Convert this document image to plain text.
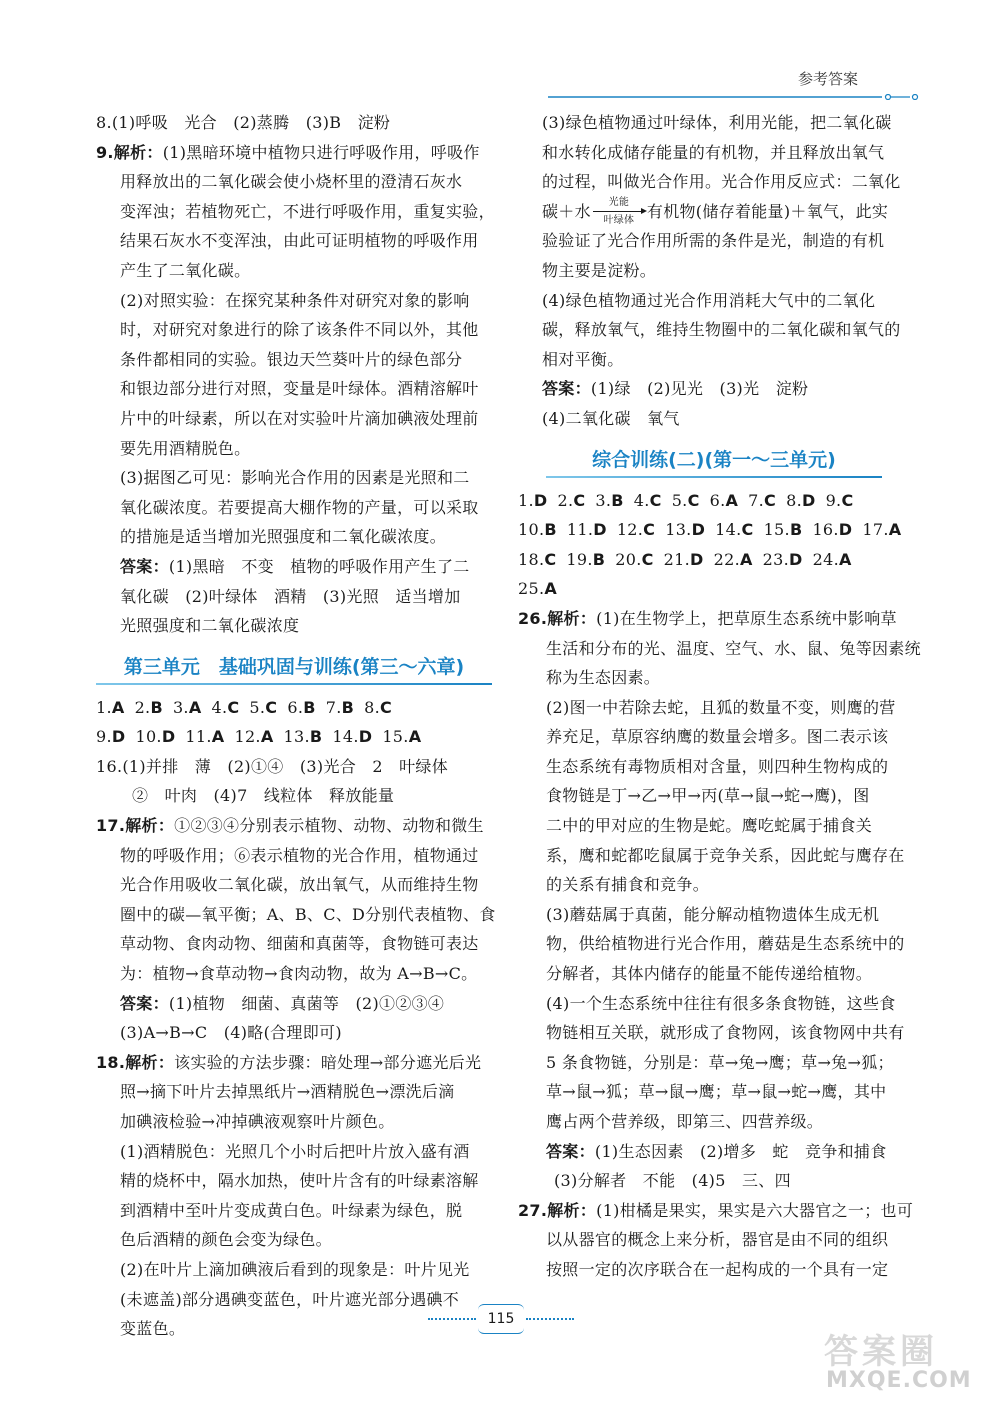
参考答案
8.(1)呼吸　光合　(2)蒸腾　(3)B　淀粉
9.解析：(1)黑暗环境中植物只进行呼吸作用，呼吸作
用释放出的二氧化碳会使小烧杯里的澄清石灰水
变浑浊；若植物死亡，不进行呼吸作用，重复实验，
结果石灰水不变浑浊，由此可证明植物的呼吸作用
产生了二氧化碳。
(2)对照实验：在探究某种条件对研究对象的影响
时，对研究对象进行的除了该条件不同以外，其他
条件都相同的实验。银边天竺葵叶片的绿色部分
和银边部分进行对照，变量是叶绿体。酒精溶解叶
片中的叶绿素，所以在对实验叶片滴加碘液处理前
要先用酒精脱色。
(3)据图乙可见：影响光合作用的因素是光照和二
氧化碳浓度。若要提高大棚作物的产量，可以采取
的措施是适当增加光照强度和二氧化碳浓度。
答案：(1)黑暗　不变　植物的呼吸作用产生了二
氧化碳　(2)叶绿体　酒精　(3)光照　适当增加
光照强度和二氧化碳浓度
第三单元　基础巩固与训练(第三～六章)
1.A 2.B 3.A 4.C 5.C 6.B 7.B 8.C
9.D 10.D 11.A 12.A 13.B 14.D 15.A
16.(1)并排　薄　(2)①④　(3)光合　2　叶绿体
②　叶肉　(4)7　线粒体　释放能量
17.解析：①②③④分别表示植物、动物、动物和微生
物的呼吸作用；⑥表示植物的光合作用，植物通过
光合作用吸收二氧化碳，放出氧气，从而维持生物
圈中的碳—氧平衡；A、B、C、D分别代表植物、食
草动物、食肉动物、细菌和真菌等，食物链可表达
为：植物→食草动物→食肉动物，故为 A→B→C。
答案：(1)植物　细菌、真菌等　(2)①②③④
(3)A→B→C　(4)略(合理即可)
18.解析：该实验的方法步骤：暗处理→部分遮光后光
照→摘下叶片去掉黑纸片→酒精脱色→漂洗后滴
加碘液检验→冲掉碘液观察叶片颜色。
(1)酒精脱色：光照几个小时后把叶片放入盛有酒
精的烧杯中，隔水加热，使叶片含有的叶绿素溶解
到酒精中至叶片变成黄白色。叶绿素为绿色，脱
色后酒精的颜色会变为绿色。
(2)在叶片上滴加碘液后看到的现象是：叶片见光
(未遮盖)部分遇碘变蓝色，叶片遮光部分遇碘不
变蓝色。
(3)绿色植物通过叶绿体，利用光能，把二氧化碳
和水转化成储存能量的有机物，并且释放出氧气
的过程，叫做光合作用。光合作用反应式：二氧化
碳＋水	光能
叶绿体 有机物(储存着能量)＋氧气，此实
验验证了光合作用所需的条件是光，制造的有机
物主要是淀粉。
(4)绿色植物通过光合作用消耗大气中的二氧化
碳，释放氧气，维持生物圈中的二氧化碳和氧气的
相对平衡。
答案：(1)绿　(2)见光　(3)光　淀粉
(4)二氧化碳　氧气
综合训练(二)(第一～三单元)
1.D 2.C 3.B 4.C 5.C 6.A 7.C 8.D 9.C
10.B 11.D 12.C 13.D 14.C 15.B 16.D 17.A
18.C 19.B 20.C 21.D 22.A 23.D 24.A
25.A
26.解析：(1)在生物学上，把草原生态系统中影响草
生活和分布的光、温度、空气、水、鼠、兔等因素统
称为生态因素。
(2)图一中若除去蛇，且狐的数量不变，则鹰的营
养充足，草原容纳鹰的数量会增多。图二表示该
生态系统有毒物质相对含量，则四种生物构成的
食物链是丁→乙→甲→丙(草→鼠→蛇→鹰)，图
二中的甲对应的生物是蛇。鹰吃蛇属于捕食关
系，鹰和蛇都吃鼠属于竞争关系，因此蛇与鹰存在
的关系有捕食和竞争。
(3)蘑菇属于真菌，能分解动植物遗体生成无机
物，供给植物进行光合作用，蘑菇是生态系统中的
分解者，其体内储存的能量不能传递给植物。
(4)一个生态系统中往往有很多条食物链，这些食
物链相互关联，就形成了食物网，该食物网中共有
5 条食物链，分别是：草→兔→鹰；草→兔→狐；
草→鼠→狐；草→鼠→鹰；草→鼠→蛇→鹰，其中
鹰占两个营养级，即第三、四营养级。
答案：(1)生态因素　(2)增多　蛇　竞争和捕食
(3)分解者　不能　(4)5　三、四
27.解析：(1)柑橘是果实，果实是六大器官之一；也可
以从器官的概念上来分析，器官是由不同的组织
按照一定的次序联合在一起构成的一个具有一定
115
答案圈
MXQE.COM
